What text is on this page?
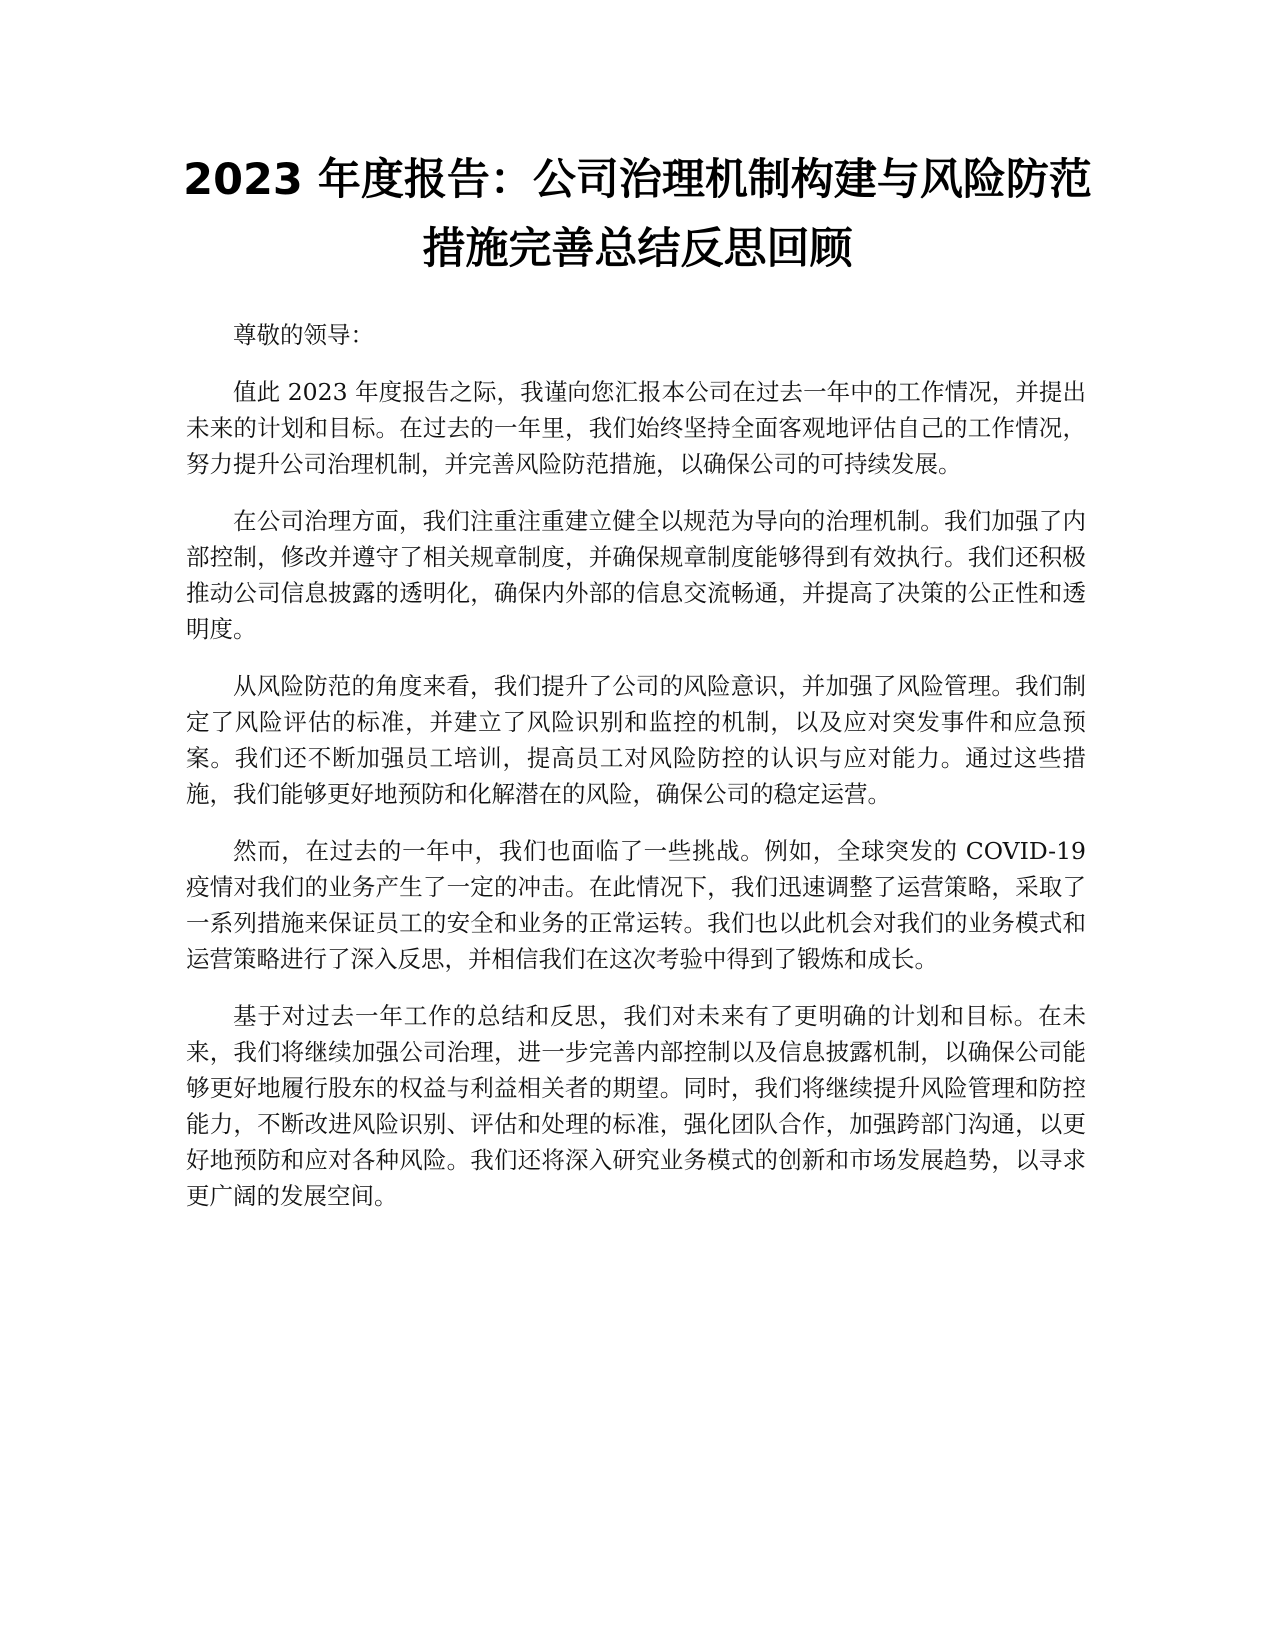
2023 年度报告：公司治理机制构建与风险防范措施完善总结反思回顾

尊敬的领导：

值此 2023 年度报告之际，我谨向您汇报本公司在过去一年中的工作情况，并提出未来的计划和目标。在过去的一年里，我们始终坚持全面客观地评估自己的工作情况，努力提升公司治理机制，并完善风险防范措施，以确保公司的可持续发展。

在公司治理方面，我们注重注重建立健全以规范为导向的治理机制。我们加强了内部控制，修改并遵守了相关规章制度，并确保规章制度能够得到有效执行。我们还积极推动公司信息披露的透明化，确保内外部的信息交流畅通，并提高了决策的公正性和透明度。

从风险防范的角度来看，我们提升了公司的风险意识，并加强了风险管理。我们制定了风险评估的标准，并建立了风险识别和监控的机制，以及应对突发事件和应急预案。我们还不断加强员工培训，提高员工对风险防控的认识与应对能力。通过这些措施，我们能够更好地预防和化解潜在的风险，确保公司的稳定运营。

然而，在过去的一年中，我们也面临了一些挑战。例如，全球突发的 COVID-19 疫情对我们的业务产生了一定的冲击。在此情况下，我们迅速调整了运营策略，采取了一系列措施来保证员工的安全和业务的正常运转。我们也以此机会对我们的业务模式和运营策略进行了深入反思，并相信我们在这次考验中得到了锻炼和成长。

基于对过去一年工作的总结和反思，我们对未来有了更明确的计划和目标。在未来，我们将继续加强公司治理，进一步完善内部控制以及信息披露机制，以确保公司能够更好地履行股东的权益与利益相关者的期望。同时，我们将继续提升风险管理和防控能力，不断改进风险识别、评估和处理的标准，强化团队合作，加强跨部门沟通，以更好地预防和应对各种风险。我们还将深入研究业务模式的创新和市场发展趋势，以寻求更广阔的发展空间。
